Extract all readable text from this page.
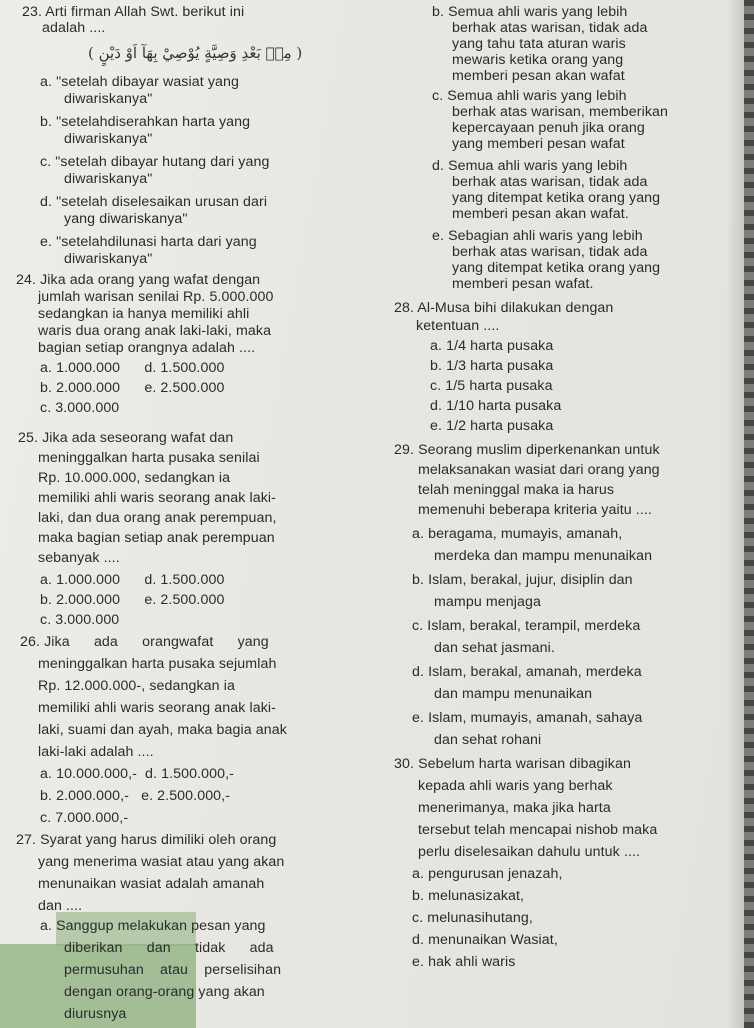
23. Arti firman Allah Swt. berikut ini
adalah ....
( مِنۢ بَعْدِ وَصِيَّةٍ يُوْصِيْ بِهَآ اَوْ دَيْنٍ )
a. "setelah dibayar wasiat yang
diwariskanya"
b. "setelahdiserahkan harta yang
diwariskanya"
c. "setelah dibayar hutang dari yang
diwariskanya"
d. "setelah diselesaikan urusan dari
yang diwariskanya"
e. "setelahdilunasi harta dari yang
diwariskanya"
24. Jika ada orang yang wafat dengan
jumlah warisan senilai Rp. 5.000.000
sedangkan ia hanya memiliki ahli
waris dua orang anak laki-laki, maka
bagian setiap orangnya adalah ....
a. 1.000.000      d. 1.500.000
b. 2.000.000      e. 2.500.000
c. 3.000.000
25. Jika ada seseorang wafat dan
meninggalkan harta pusaka senilai
Rp. 10.000.000, sedangkan ia
memiliki ahli waris seorang anak laki-
laki, dan dua orang anak perempuan,
maka bagian setiap anak perempuan
sebanyak ....
a. 1.000.000      d. 1.500.000
b. 2.000.000      e. 2.500.000
c. 3.000.000
26. Jika      ada      orangwafat      yang
meninggalkan harta pusaka sejumlah
Rp. 12.000.000-, sedangkan ia
memiliki ahli waris seorang anak laki-
laki, suami dan ayah, maka bagia anak
laki-laki adalah ....
a. 10.000.000,-  d. 1.500.000,-
b. 2.000.000,-   e. 2.500.000,-
c. 7.000.000,-
27. Syarat yang harus dimiliki oleh orang
yang menerima wasiat atau yang akan
menunaikan wasiat adalah amanah
dan ....
a. Sanggup melakukan pesan yang
diberikan      dan      tidak      ada
permusuhan    atau    perselisihan
dengan orang-orang yang akan
diurusnya
b. Semua ahli waris yang lebih
berhak atas warisan, tidak ada
yang tahu tata aturan waris
mewaris ketika orang yang
memberi pesan akan wafat
c. Semua ahli waris yang lebih
berhak atas warisan, memberikan
kepercayaan penuh jika orang
yang memberi pesan wafat
d. Semua ahli waris yang lebih
berhak atas warisan, tidak ada
yang ditempat ketika orang yang
memberi pesan akan wafat.
e. Sebagian ahli waris yang lebih
berhak atas warisan, tidak ada
yang ditempat ketika orang yang
memberi pesan wafat.
28. Al-Musa bihi dilakukan dengan
ketentuan ....
a. 1/4 harta pusaka
b. 1/3 harta pusaka
c. 1/5 harta pusaka
d. 1/10 harta pusaka
e. 1/2 harta pusaka
29. Seorang muslim diperkenankan untuk
melaksanakan wasiat dari orang yang
telah meninggal maka ia harus
memenuhi beberapa kriteria yaitu ....
a. beragama, mumayis, amanah,
merdeka dan mampu menunaikan
b. Islam, berakal, jujur, disiplin dan
mampu menjaga
c. Islam, berakal, terampil, merdeka
dan sehat jasmani.
d. Islam, berakal, amanah, merdeka
dan mampu menunaikan
e. Islam, mumayis, amanah, sahaya
dan sehat rohani
30. Sebelum harta warisan dibagikan
kepada ahli waris yang berhak
menerimanya, maka jika harta
tersebut telah mencapai nishob maka
perlu diselesaikan dahulu untuk ....
a. pengurusan jenazah,
b. melunasizakat,
c. melunasihutang,
d. menunaikan Wasiat,
e. hak ahli waris
